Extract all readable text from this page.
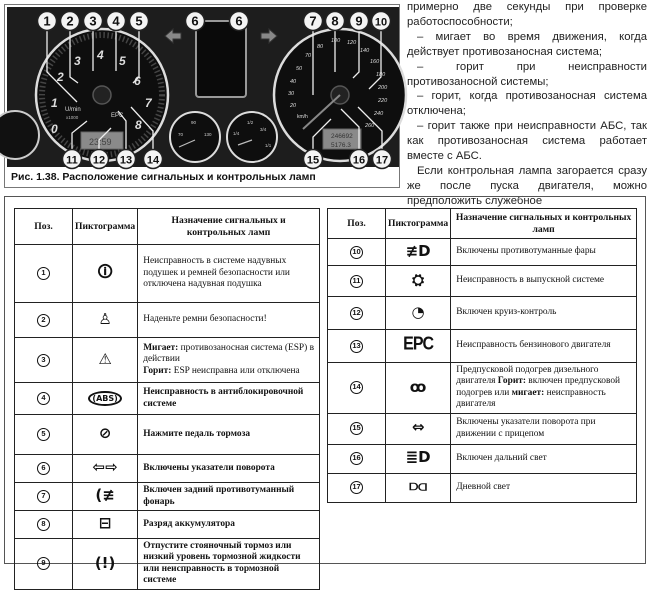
1
2
3 4 5
6
7
8
0
U/min
x1000	EPC
23:59
70
90
130	1/4
1/2
3/4
1/1
20
30
40
50
70
80
100 120
140
160
180
200
220
240
260
km/h
246692
5176.3
1 2 3 4 5	6	6	7 8 9 10
11 12 13 14	15	16 17
Рис. 1.38. Расположение сигнальных и контрольных ламп

примерно две секунды при проверке работоспособности;

– мигает во время движения, когда действует противозаносная система;

– горит при неисправности противозаносной системы;

– горит, когда противозаносная система отключена;

– горит также при неисправности АБС, так как противозаносная система работает вместе с АБС.

Если контрольная лампа загорается сразу же после пуска двигателя, можно предположить служебное

Поз.	Пиктограмма	Назначение сигнальных и контрольных ламп
1	🛈	Неисправность в системе надувных подушек и ремней безопасности или отключена надувная подушка
2	♙	Наденьте ремни безопасности!
3	⚠	Мигает: противозаносная система (ESP) в действии
Горит: ESP неисправна или отключена
4	(ABS)	Неисправность в антиблокировочной системе
5	⊘	Нажмите педаль тормоза
6	⇦⇨	Включены указатели поворота
7	(≢	Включен задний противотуманный фонарь
8	⊟	Разряд аккумулятора
9	(!)	Отпустите стояночный тормоз или низкий уровень тормозной жидкости или неисправность в тормозной системе
Поз.	Пиктограмма	Назначение сигнальных и контрольных ламп
10	≢D	Включены противотуманные фары
11	⛭	Неисправность в выпускной системе
12	◔	Включен круиз-контроль
13	EPC	Неисправность бензинового двигателя
14	ꝏ	Предпусковой подогрев дизельного двигателя Горит: включен предпусковой подогрев или мигает: неисправность двигателя
15	⇔	Включены указатели поворота при движении с прицепом
16	≣D	Включен дальний свет
17	⫐⫏	Дневной свет
